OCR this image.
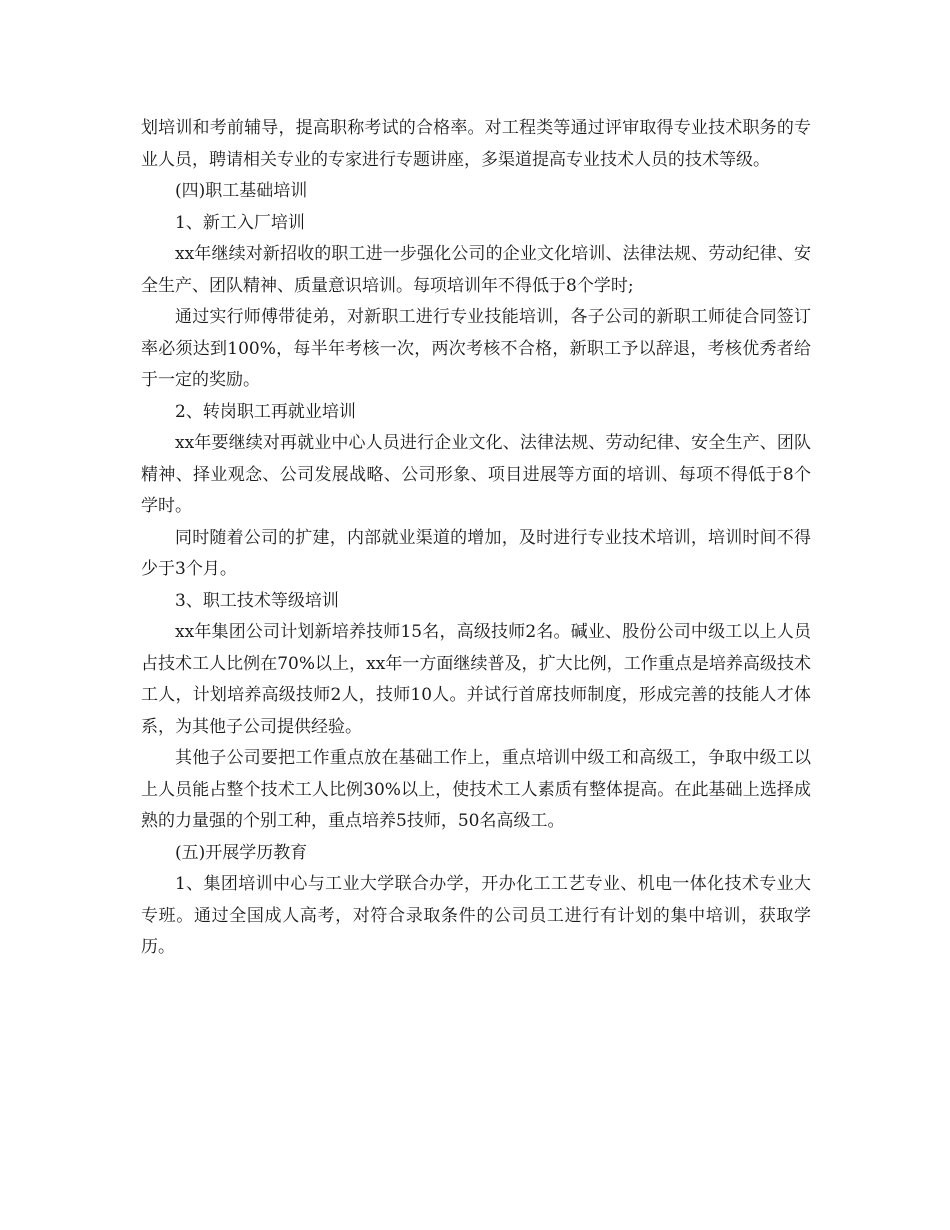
划培训和考前辅导，提高职称考试的合格率。对工程类等通过评审取得专业技术职务的专业人员，聘请相关专业的专家进行专题讲座，多渠道提高专业技术人员的技术等级。

(四)职工基础培训

1、新工入厂培训

xx年继续对新招收的职工进一步强化公司的企业文化培训、法律法规、劳动纪律、安全生产、团队精神、质量意识培训。每项培训年不得低于8个学时;

通过实行师傅带徒弟，对新职工进行专业技能培训，各子公司的新职工师徒合同签订率必须达到100%，每半年考核一次，两次考核不合格，新职工予以辞退，考核优秀者给于一定的奖励。

2、转岗职工再就业培训

xx年要继续对再就业中心人员进行企业文化、法律法规、劳动纪律、安全生产、团队精神、择业观念、公司发展战略、公司形象、项目进展等方面的培训、每项不得低于8个学时。

同时随着公司的扩建，内部就业渠道的增加，及时进行专业技术培训，培训时间不得少于3个月。

3、职工技术等级培训

xx年集团公司计划新培养技师15名，高级技师2名。碱业、股份公司中级工以上人员占技术工人比例在70%以上，xx年一方面继续普及，扩大比例，工作重点是培养高级技术工人，计划培养高级技师2人，技师10人。并试行首席技师制度，形成完善的技能人才体系，为其他子公司提供经验。

其他子公司要把工作重点放在基础工作上，重点培训中级工和高级工，争取中级工以上人员能占整个技术工人比例30%以上，使技术工人素质有整体提高。在此基础上选择成熟的力量强的个别工种，重点培养5技师，50名高级工。

(五)开展学历教育

1、集团培训中心与工业大学联合办学，开办化工工艺专业、机电一体化技术专业大专班。通过全国成人高考，对符合录取条件的公司员工进行有计划的集中培训，获取学历。
